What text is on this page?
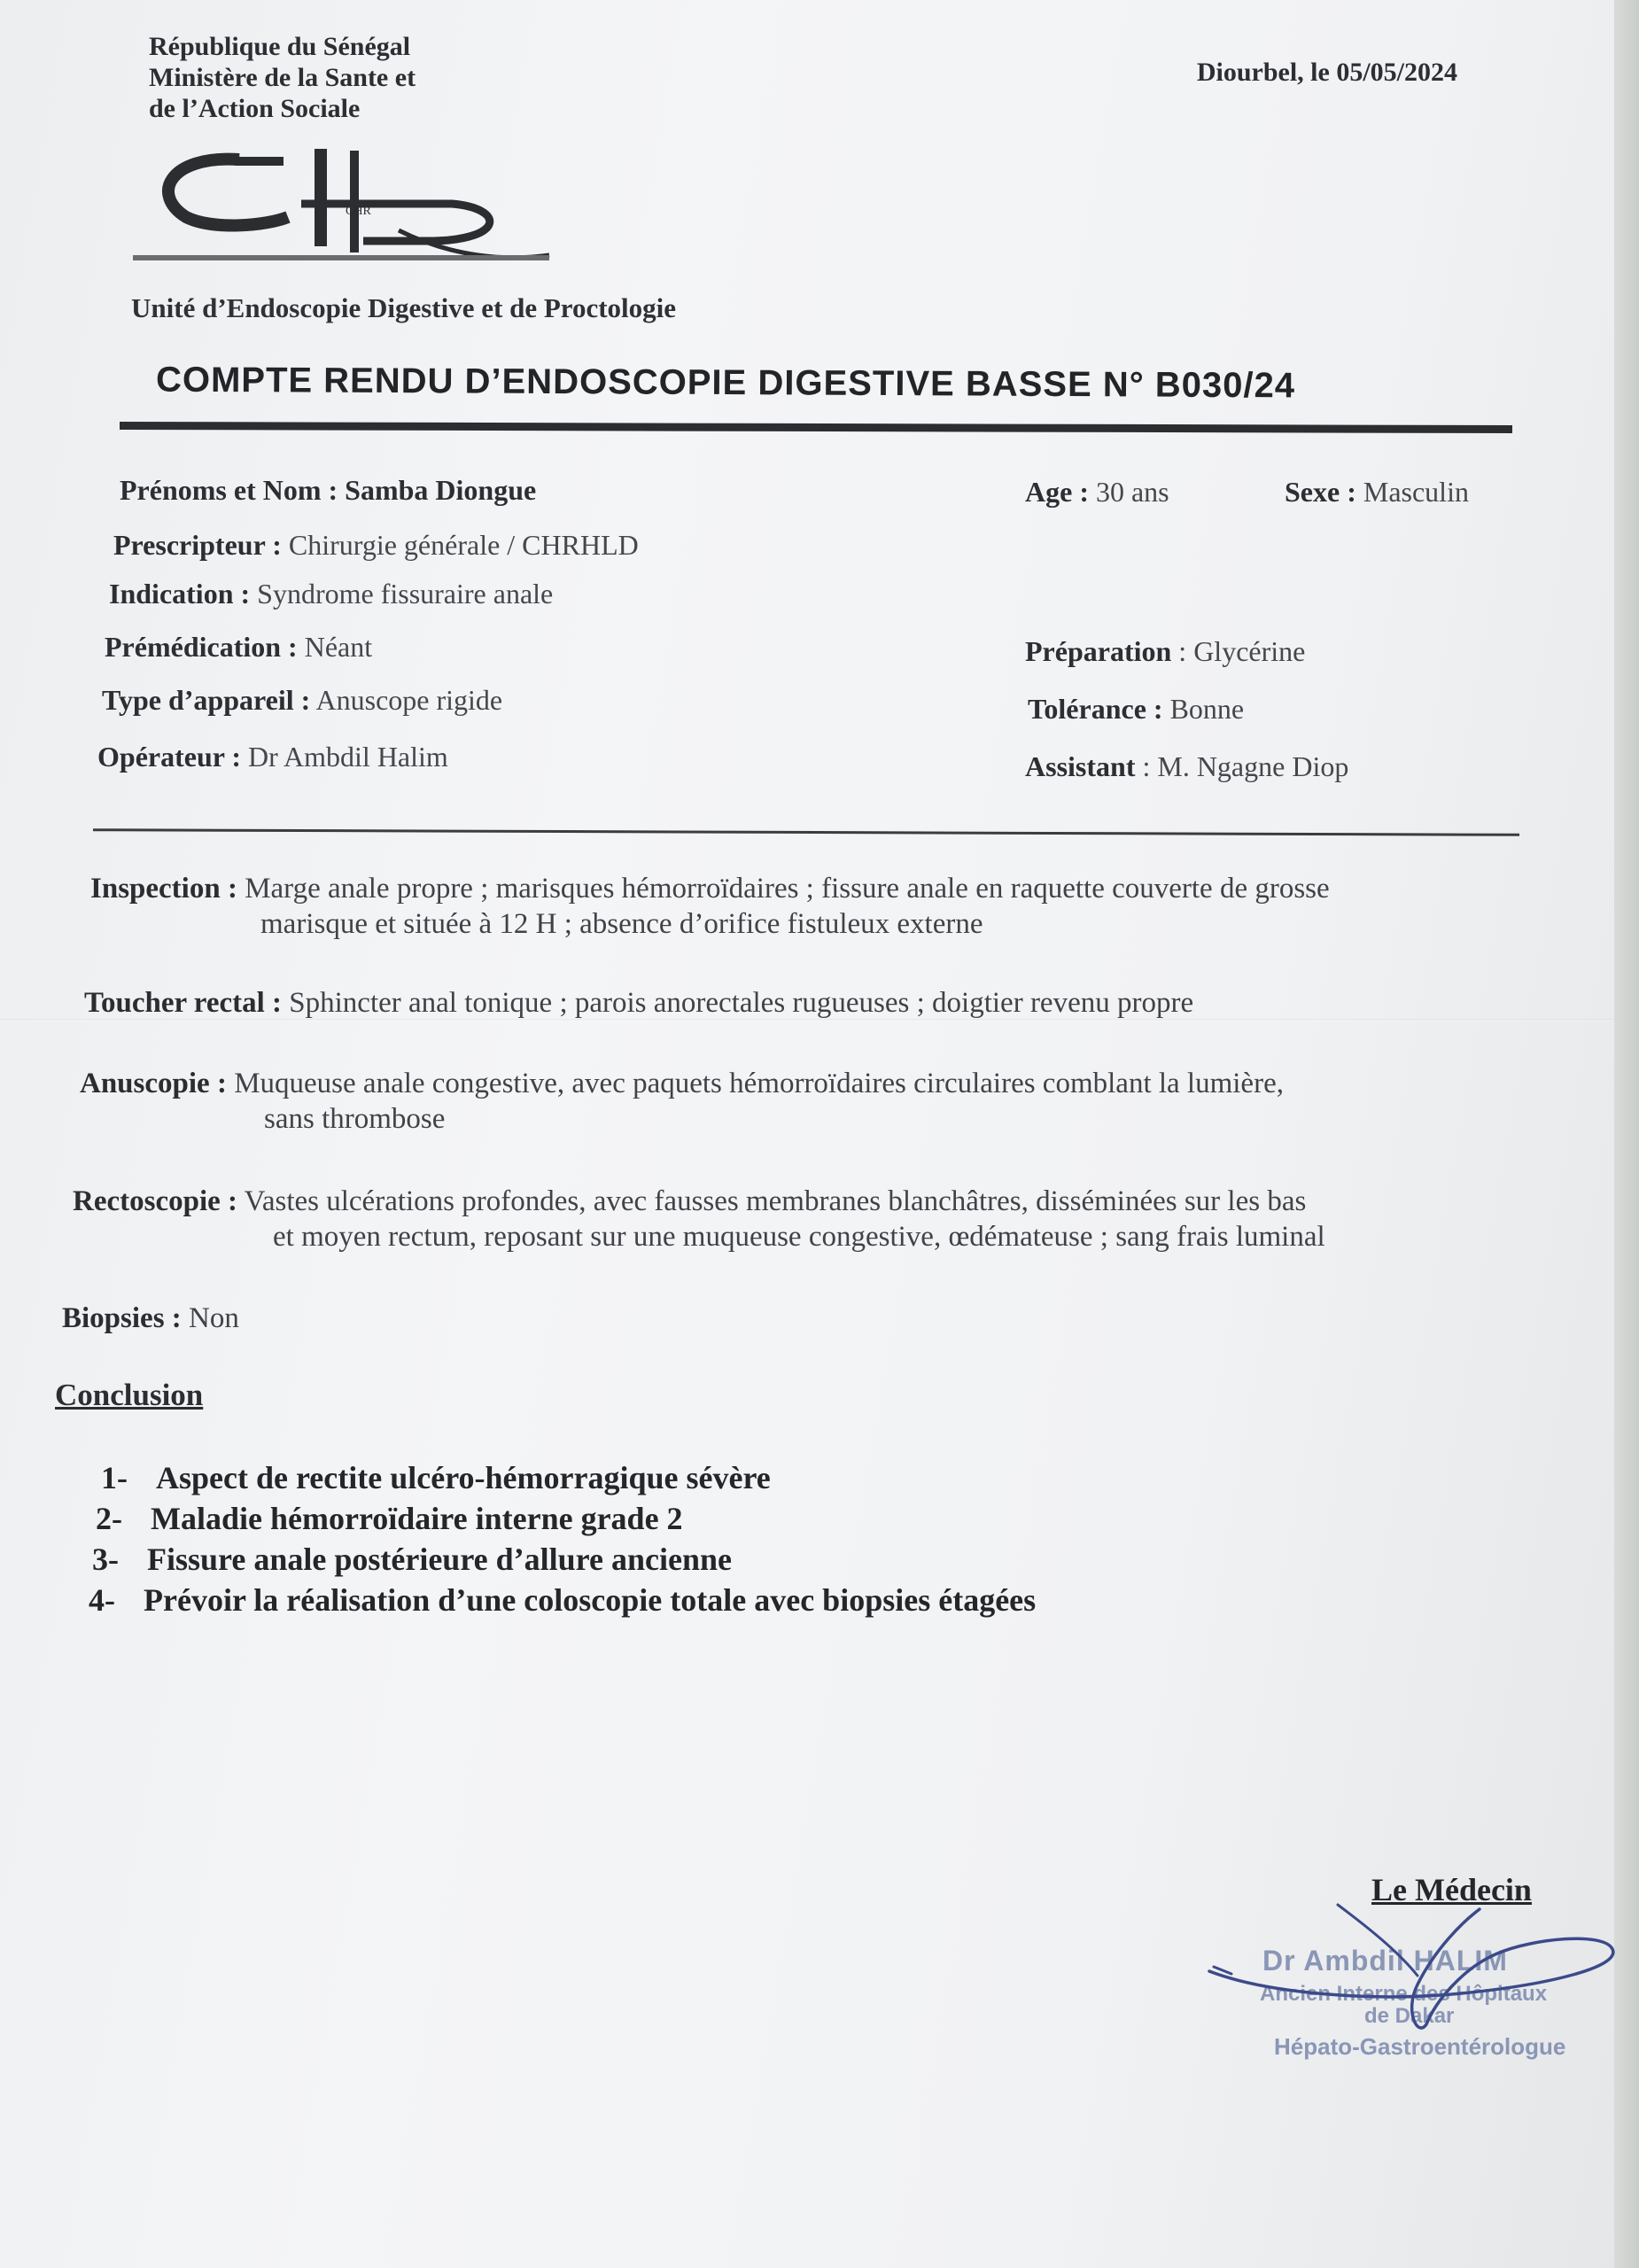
République du Sénégal
Ministère de la Sante et
de l’Action Sociale
Diourbel, le 05/05/2024
CHR
Unité d’Endoscopie Digestive et de Proctologie
COMPTE RENDU D’ENDOSCOPIE DIGESTIVE BASSE N° B030/24
Prénoms et Nom : Samba Diongue	Age : 30 ans	Sexe : Masculin
Prescripteur : Chirurgie générale / CHRHLD
Indication : Syndrome fissuraire anale
Prémédication : Néant	Préparation : Glycérine
Type d’appareil : Anuscope rigide	Tolérance : Bonne
Opérateur : Dr Ambdil Halim	Assistant : M. Ngagne Diop
Inspection : Marge anale propre ; marisques hémorroïdaires ; fissure anale en raquette couverte de grosse
marisque et située à 12 H ; absence d’orifice fistuleux externe
Toucher rectal : Sphincter anal tonique ; parois anorectales rugueuses ; doigtier revenu propre
Anuscopie : Muqueuse anale congestive, avec paquets hémorroïdaires circulaires comblant la lumière,
sans thrombose
Rectoscopie : Vastes ulcérations profondes, avec fausses membranes blanchâtres, disséminées sur les bas
et moyen rectum, reposant sur une muqueuse congestive, œdémateuse ; sang frais luminal
Biopsies : Non
Conclusion
1- Aspect de rectite ulcéro-hémorragique sévère
2- Maladie hémorroïdaire interne grade 2
3- Fissure anale postérieure d’allure ancienne
4- Prévoir la réalisation d’une coloscopie totale avec biopsies étagées
Le Médecin
Dr Ambdil HALIM
Ancien Interne des Hôpitaux
de Dakar
Hépato-Gastroentérologue
